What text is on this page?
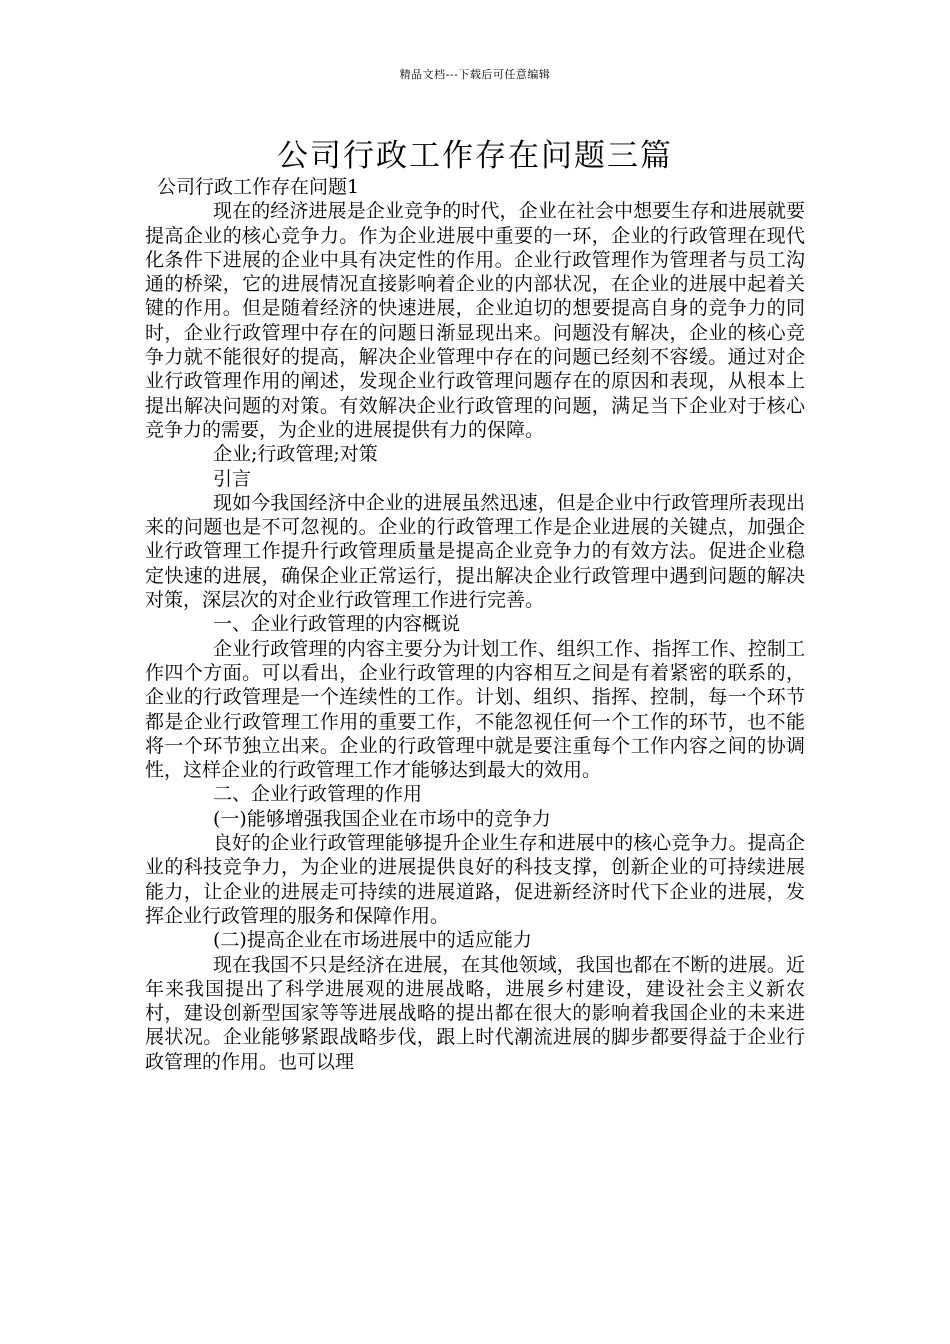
精品文档---下载后可任意编辑
公司行政工作存在问题三篇

公司行政工作存在问题1

现在的经济进展是企业竞争的时代，企业在社会中想要生存和进展就要提高企业的核心竞争力。作为企业进展中重要的一环，企业的行政管理在现代化条件下进展的企业中具有决定性的作用。企业行政管理作为管理者与员工沟通的桥梁，它的进展情况直接影响着企业的内部状况，在企业的进展中起着关键的作用。但是随着经济的快速进展，企业迫切的想要提高自身的竞争力的同时，企业行政管理中存在的问题日渐显现出来。问题没有解决，企业的核心竞争力就不能很好的提高，解决企业管理中存在的问题已经刻不容缓。通过对企业行政管理作用的阐述，发现企业行政管理问题存在的原因和表现，从根本上提出解决问题的对策。有效解决企业行政管理的问题，满足当下企业对于核心竞争力的需要，为企业的进展提供有力的保障。

企业;行政管理;对策

引言

现如今我国经济中企业的进展虽然迅速，但是企业中行政管理所表现出来的问题也是不可忽视的。企业的行政管理工作是企业进展的关键点，加强企业行政管理工作提升行政管理质量是提高企业竞争力的有效方法。促进企业稳定快速的进展，确保企业正常运行，提出解决企业行政管理中遇到问题的解决对策，深层次的对企业行政管理工作进行完善。

一、企业行政管理的内容概说

企业行政管理的内容主要分为计划工作、组织工作、指挥工作、控制工作四个方面。可以看出，企业行政管理的内容相互之间是有着紧密的联系的，企业的行政管理是一个连续性的工作。计划、组织、指挥、控制，每一个环节都是企业行政管理工作用的重要工作，不能忽视任何一个工作的环节，也不能将一个环节独立出来。企业的行政管理中就是要注重每个工作内容之间的协调性，这样企业的行政管理工作才能够达到最大的效用。

二、企业行政管理的作用

(一)能够增强我国企业在市场中的竞争力

良好的企业行政管理能够提升企业生存和进展中的核心竞争力。提高企业的科技竞争力，为企业的进展提供良好的科技支撑，创新企业的可持续进展能力，让企业的进展走可持续的进展道路，促进新经济时代下企业的进展，发挥企业行政管理的服务和保障作用。

(二)提高企业在市场进展中的适应能力

现在我国不只是经济在进展，在其他领域，我国也都在不断的进展。近年来我国提出了科学进展观的进展战略，进展乡村建设，建设社会主义新农村，建设创新型国家等等进展战略的提出都在很大的影响着我国企业的未来进展状况。企业能够紧跟战略步伐，跟上时代潮流进展的脚步都要得益于企业行政管理的作用。也可以理
